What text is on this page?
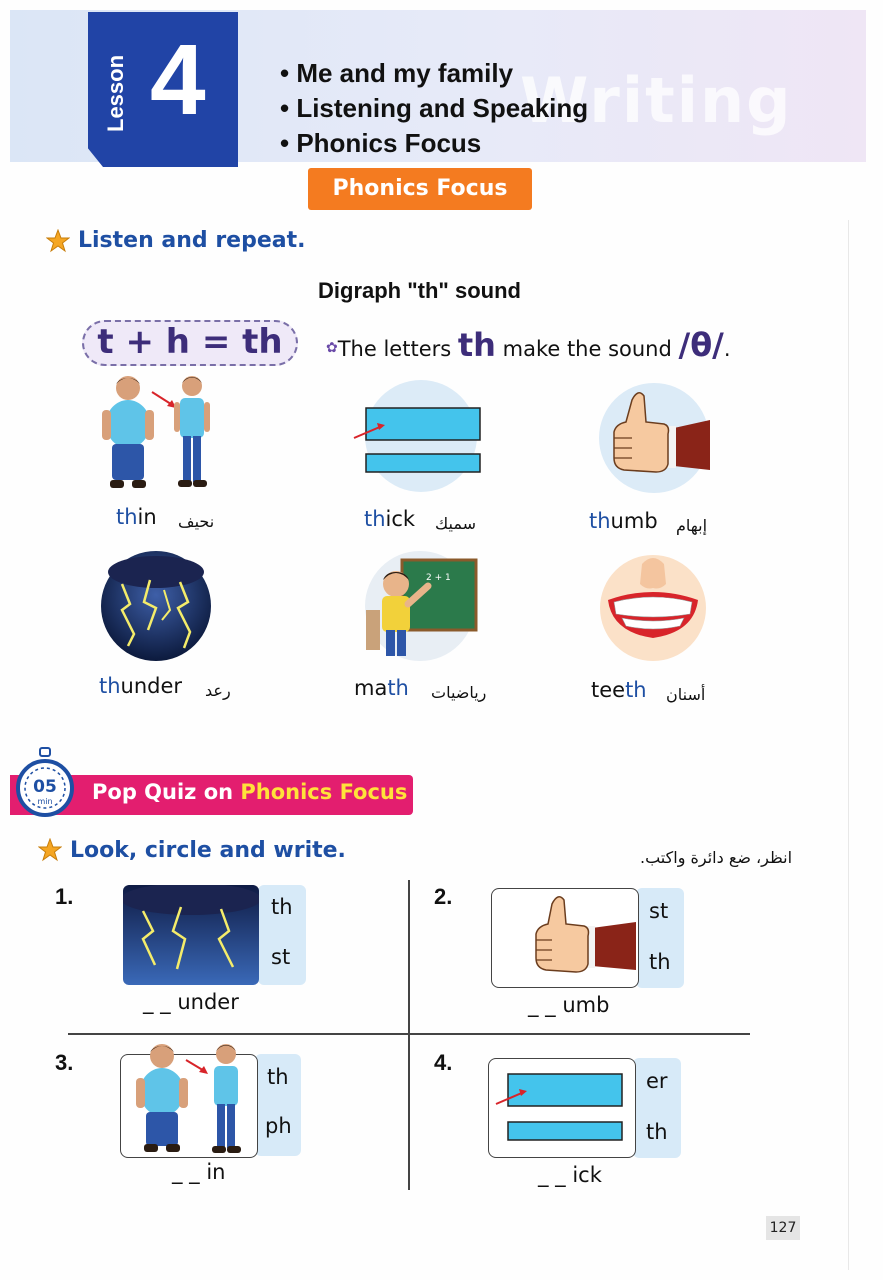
Writing
Lesson 4
•	Me and my family
• Listening and Speaking
• Phonics Focus
Phonics Focus
Listen and repeat.
Digraph "th" sound
t + h = th	✿The letters th make the sound /θ/.
thin نحيف	thick سميك	thumb إبهام
thunder رعد
2 + 1
math رياضيات	teeth أسنان
05
min Pop Quiz on Phonics Focus
Look, circle and write.	انظر، ضع دائرة واكتب.
1.	th
st
_ _ under
2.
st
th
_ _ umb
3.
th
ph
_ _ in
4.
er
th
_ _ ick
127
